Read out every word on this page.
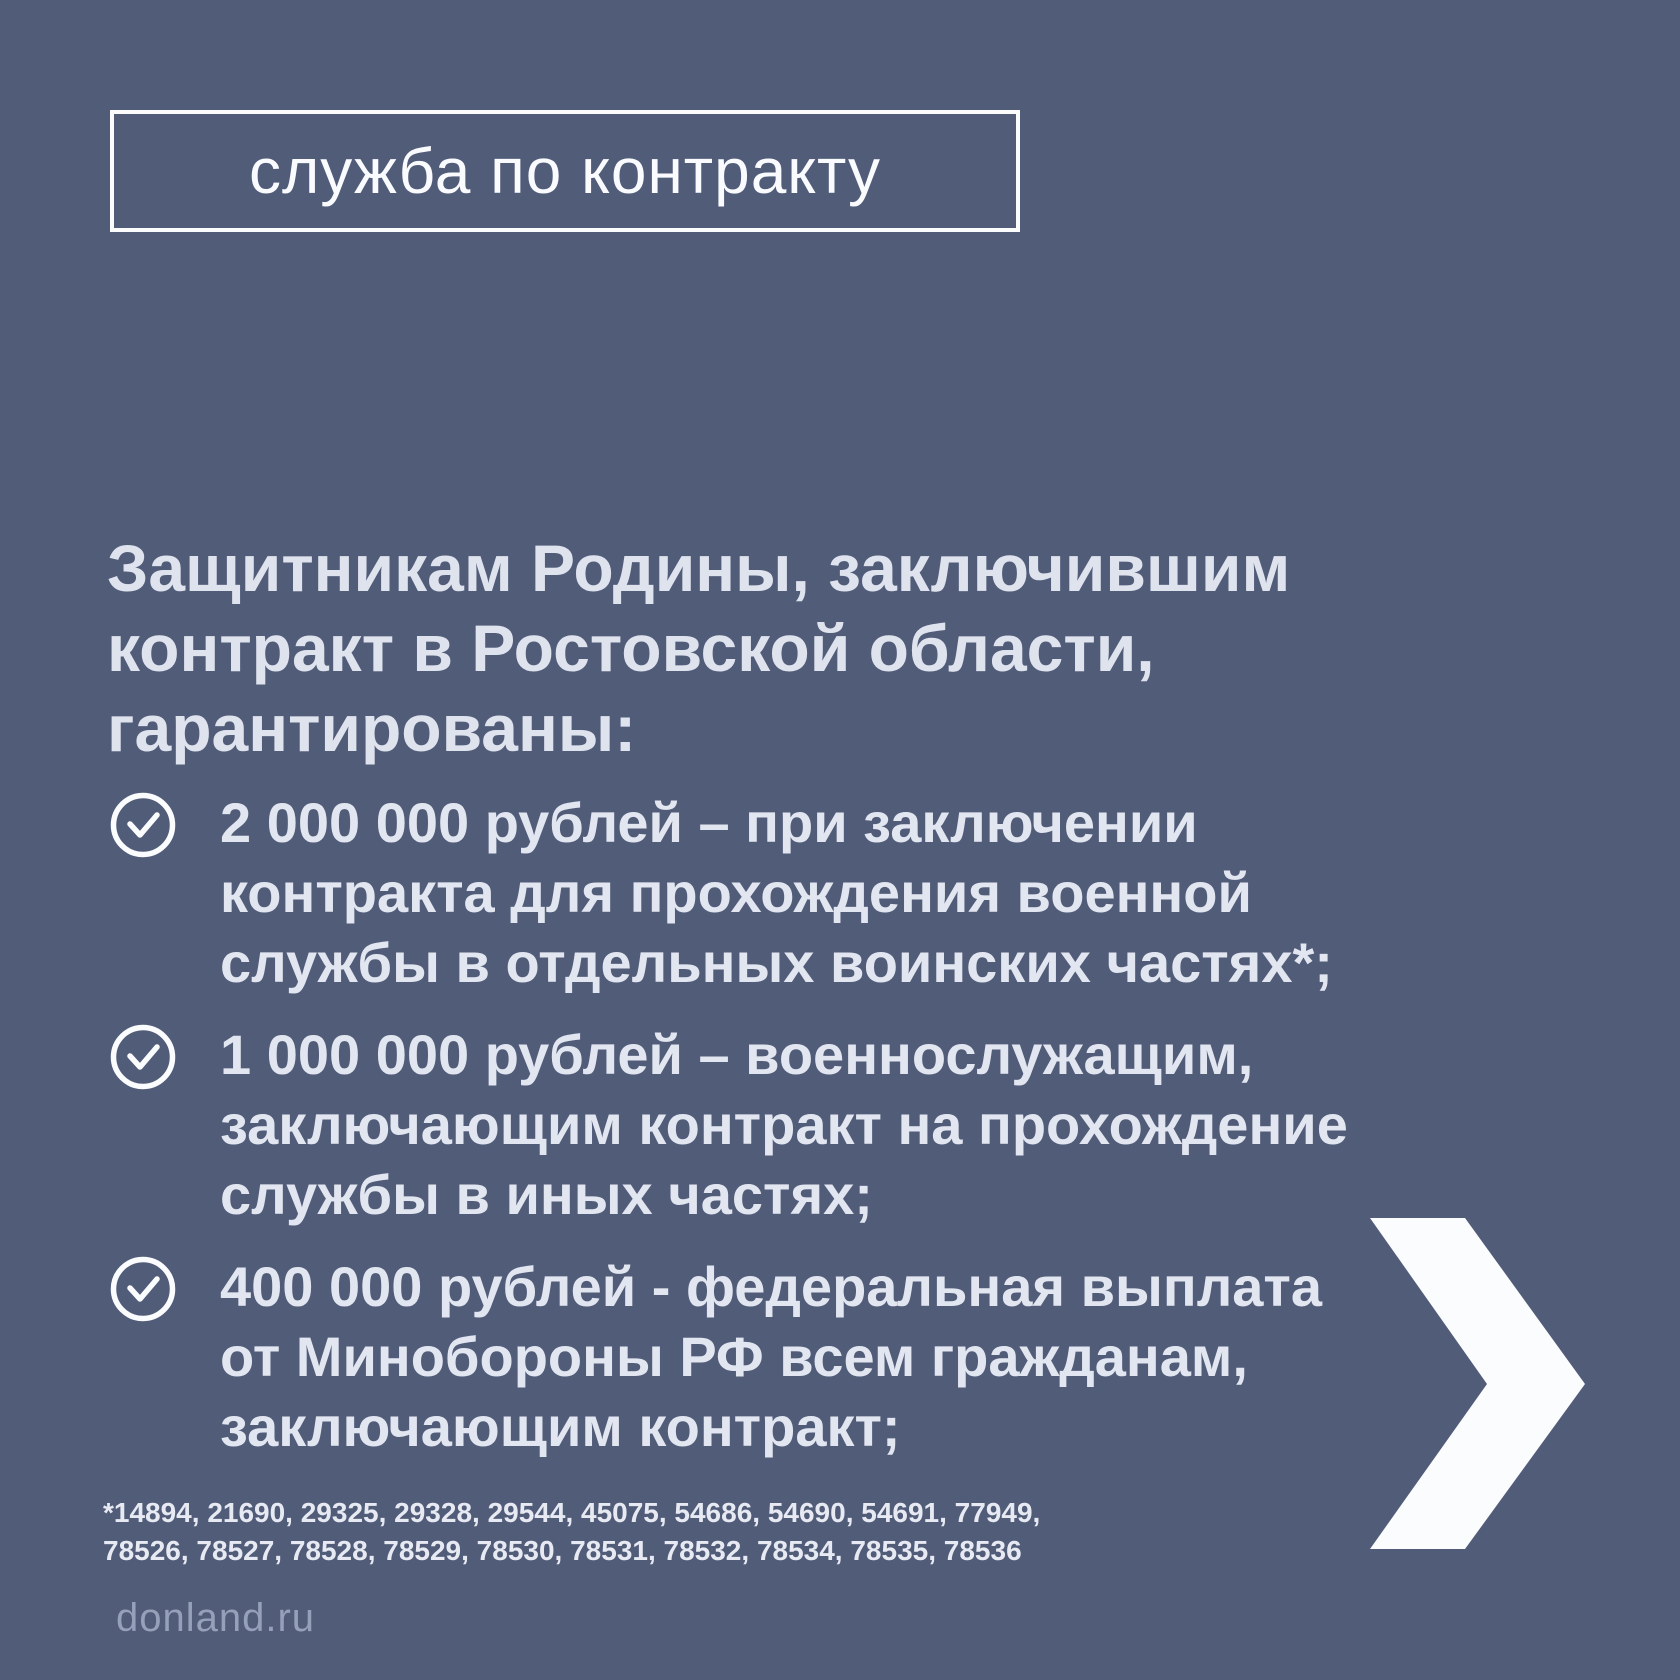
служба по контракту
Защитникам Родины, заключившим
контракт в Ростовской области,
гарантированы:
2 000 000 рублей – при заключении
контракта для прохождения военной
службы в отдельных воинских частях*;
1 000 000 рублей – военнослужащим,
заключающим контракт на прохождение
службы в иных частях;
400 000 рублей - федеральная выплата
от Минобороны РФ всем гражданам,
заключающим контракт;
*14894, 21690, 29325, 29328, 29544, 45075, 54686, 54690, 54691, 77949,
78526, 78527, 78528, 78529, 78530, 78531, 78532, 78534, 78535, 78536
donland.ru
